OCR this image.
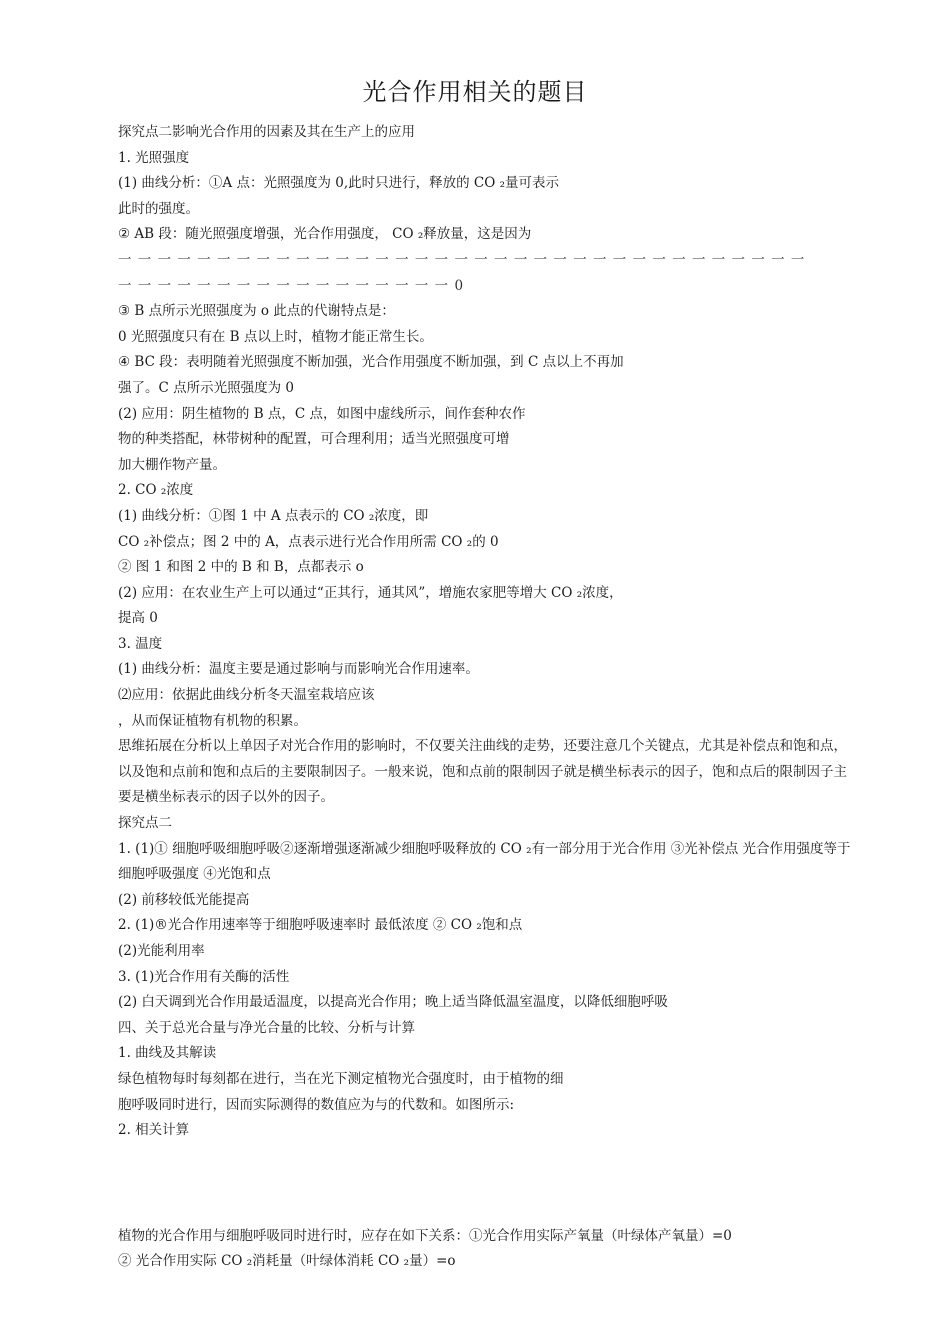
光合作用相关的题目
探究点二影响光合作用的因素及其在生产上的应用
1. 光照强度
(1) 曲线分析：①A 点：光照强度为 0,此时只进行，释放的 CO ₂量可表示
此时的强度。
② AB 段：随光照强度增强，光合作用强度， CO ₂释放量，这是因为
一 一 一 一 一 一 一 一 一 一 一 一 一 一 一 一 一 一 一 一 一 一 一 一 一 一 一 一 一 一 一 一 一 一 一
一 一 一 一 一 一 一 一 一 一 一 一 一 一 一 一 一 0
③ B 点所示光照强度为 o 此点的代谢特点是：
0 光照强度只有在 B 点以上时，植物才能正常生长。
④ BC 段：表明随着光照强度不断加强，光合作用强度不断加强，到 C 点以上不再加
强了。C 点所示光照强度为 0
(2) 应用：阴生植物的 B 点，C 点，如图中虚线所示，间作套种农作
物的种类搭配，林带树种的配置，可合理利用；适当光照强度可增
加大棚作物产量。
2. CO ₂浓度
(1) 曲线分析：①图 1 中 A 点表示的 CO ₂浓度，即
CO ₂补偿点；图 2 中的 A，点表示进行光合作用所需 CO ₂的 0
② 图 1 和图 2 中的 B 和 B，点都表示 o
(2) 应用：在农业生产上可以通过“正其行，通其风”，增施农家肥等增大 CO ₂浓度，
提高 0
3. 温度
(1) 曲线分析：温度主要是通过影响与而影响光合作用速率。
⑵应用：依据此曲线分析冬天温室栽培应该
，从而保证植物有机物的积累。
思维拓展在分析以上单因子对光合作用的影响时，不仅要关注曲线的走势，还要注意几个关键点，尤其是补偿点和饱和点，以及饱和点前和饱和点后的主要限制因子。一般来说，饱和点前的限制因子就是横坐标表示的因子，饱和点后的限制因子主要是横坐标表示的因子以外的因子。
探究点二
1. (1)① 细胞呼吸细胞呼吸②逐渐增强逐渐减少细胞呼吸释放的 CO ₂有一部分用于光合作用 ③光补偿点 光合作用强度等于细胞呼吸强度 ④光饱和点
(2) 前移较低光能提高
2. (1)®光合作用速率等于细胞呼吸速率时 最低浓度 ② CO ₂饱和点
(2)光能利用率
3. (1)光合作用有关酶的活性
(2) 白天调到光合作用最适温度，以提高光合作用；晚上适当降低温室温度，以降低细胞呼吸
四、关于总光合量与净光合量的比较、分析与计算
1. 曲线及其解读
绿色植物每时每刻都在进行，当在光下测定植物光合强度时，由于植物的细
胞呼吸同时进行，因而实际测得的数值应为与的代数和。如图所示:
2. 相关计算
植物的光合作用与细胞呼吸同时进行时，应存在如下关系：①光合作用实际产氧量（叶绿体产氧量）=0
② 光合作用实际 CO ₂消耗量（叶绿体消耗 CO ₂量）=o
